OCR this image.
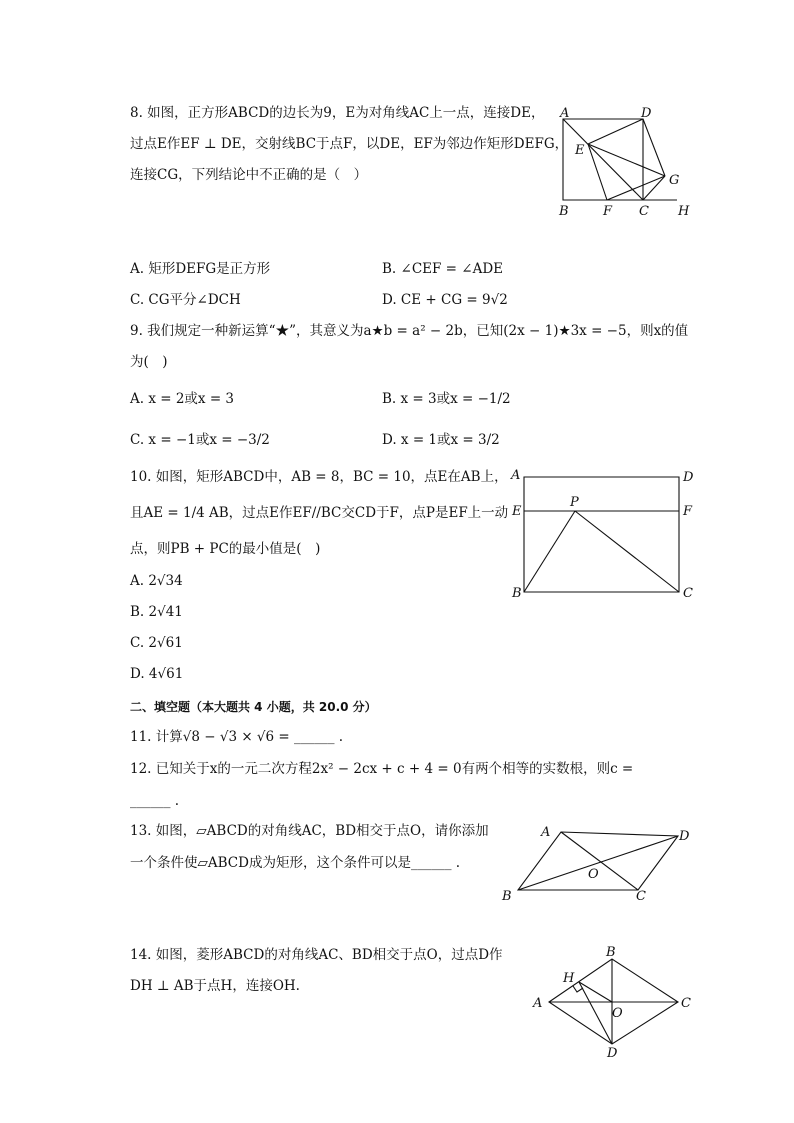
8. 如图，正方形ABCD的边长为9，E为对角线AC上一点，连接DE，
过点E作EF ⊥ DE，交射线BC于点F，以DE，EF为邻边作矩形DEFG，
连接CG，下列结论中不正确的是（　）
A	D
E
G
B	F C H
A. 矩形DEFG是正方形	B. ∠CEF = ∠ADE
C. CG平分∠DCH	D. CE + CG = 9√2
9. 我们规定一种新运算“★”，其意义为a★b = a² − 2b，已知(2x − 1)★3x = −5，则x的值
为(　)
A. x = 2或x = 3	B. x = 3或x = −1/2
C. x = −1或x = −3/2	D. x = 1或x = 3/2
10. 如图，矩形ABCD中，AB = 8，BC = 10，点E在AB上，
且AE = 1/4 AB，过点E作EF//BC交CD于F，点P是EF上一动
点，则PB + PC的最小值是(　)
A	D
E
P
F
B	C
A. 2√34
B. 2√41
C. 2√61
D. 4√61
二、填空题（本大题共 4 小题，共 20.0 分）
11. 计算√8 − √3 × √6 = ______ .
12. 已知关于x的一元二次方程2x² − 2cx + c + 4 = 0有两个相等的实数根，则c =
______ .
13. 如图，▱ABCD的对角线AC，BD相交于点O，请你添加
一个条件使▱ABCD成为矩形，这个条件可以是______ .
A	D
O
B	C
14. 如图，菱形ABCD的对角线AC、BD相交于点O，过点D作
DH ⊥ AB于点H，连接OH.
B
H
A
O
C
D
